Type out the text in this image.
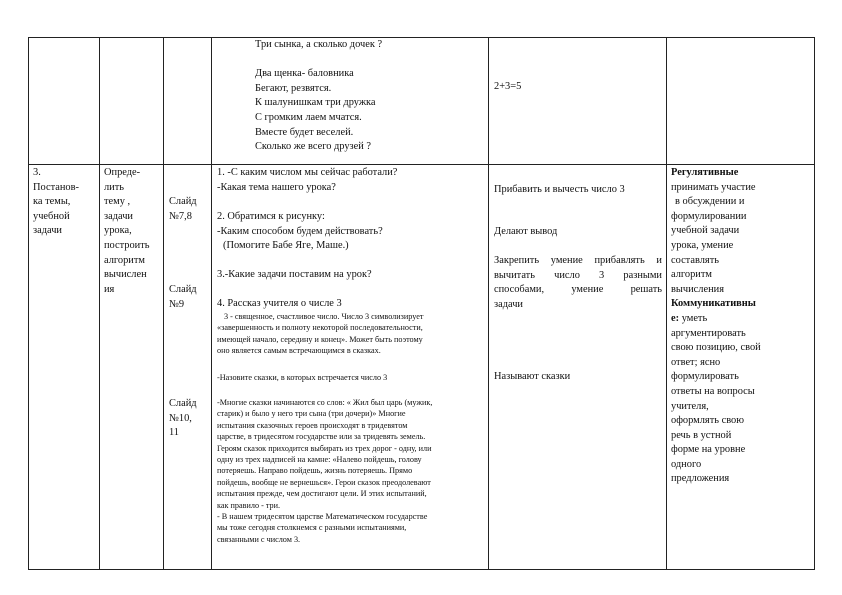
Три сынка, а сколько дочек ?

Два щенка- баловника

Бегают, резвятся.

К шалунишкам три дружка

С громким лаем мчатся.

Вместе будет веселей.

Сколько же всего друзей ?

2+3=5

3.

Постанов-

ка темы,

учебной

задачи

Опреде-

лить

тему ,

задачи

урока,

построить

алгоритм

вычислен

ия

Слайд

№7,8

Слайд

№9

Слайд

№10,

11

1. -С каким числом мы сейчас работали?

-Какая тема нашего урока?

2. Обратимся к рисунку:

-Каким способом будем действовать?

(Помогите Бабе Яге, Маше.)

3.-Какие задачи поставим на урок?

4. Рассказ учителя о числе 3

3 - священное, счастливое число. Число 3 символизирует

«завершенность и полноту некоторой последовательности,

имеющей начало, середину и конец». Может быть поэтому

оно является самым встречающимся в сказках.

-Назовите сказки, в которых встречается число 3

-Многие сказки начинаются со слов: « Жил был царь (мужик,

старик) и было у него три сына (три дочери)» Многие

испытания сказочных героев происходят в тридевятом

царстве, в тридесятом государстве или за тридевять земель.

Героям сказок приходится выбирать из трех дорог - одну, или

одну из трех надписей на камне: «Налево пойдешь, голову

потеряешь. Направо пойдешь, жизнь потеряешь. Прямо

пойдешь, вообще не вернешься». Герои сказок преодолевают

испытания прежде, чем достигают цели. И этих испытаний,

как правило - три.

- В нашем тридесятом царстве Математическом государстве

мы тоже сегодня столкнемся с разными испытаниями,

связанными с числом 3.

Прибавить и вычесть число 3

Делают вывод

Закрепить умение прибавлять и

вычитать число 3 разными

способами, умение решать

задачи

Называют сказки

Регулятивные

принимать участие

в обсуждении и

формулировании

учебной задачи

урока, умение

составлять

алгоритм

вычисления

Коммуникативны

е: уметь

аргументировать

свою позицию, свой

ответ; ясно

формулировать

ответы на вопросы

учителя,

оформлять свою

речь в устной

форме на уровне

одного

предложения
